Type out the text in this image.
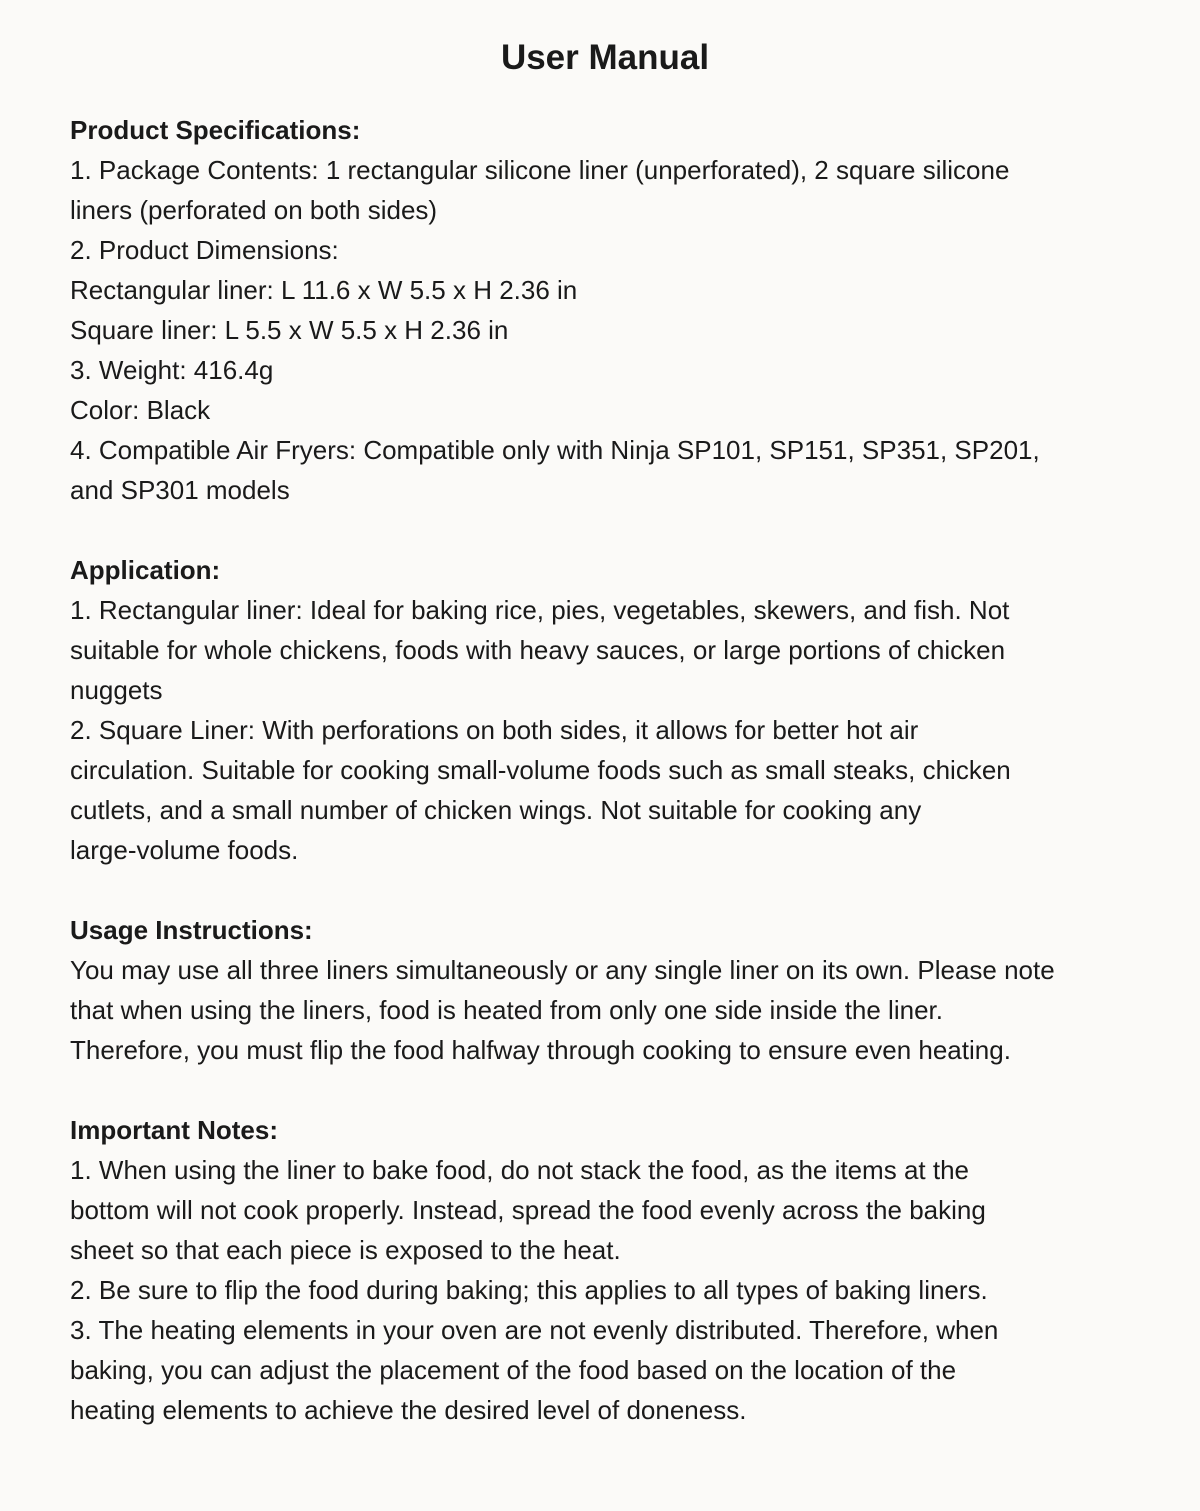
User Manual

Product Specifications:

1. Package Contents: 1 rectangular silicone liner (unperforated), 2 square silicone

liners (perforated on both sides)

2. Product Dimensions:

Rectangular liner: L 11.6 x W 5.5 x H 2.36 in

Square liner: L 5.5 x W 5.5 x H 2.36 in

3. Weight: 416.4g

Color: Black

4. Compatible Air Fryers: Compatible only with Ninja SP101, SP151, SP351, SP201,

and SP301 models

Application:

1. Rectangular liner: Ideal for baking rice, pies, vegetables, skewers, and fish. Not

suitable for whole chickens, foods with heavy sauces, or large portions of chicken

nuggets

2. Square Liner: With perforations on both sides, it allows for better hot air

circulation. Suitable for cooking small-volume foods such as small steaks, chicken

cutlets, and a small number of chicken wings. Not suitable for cooking any

large-volume foods.

Usage Instructions:

You may use all three liners simultaneously or any single liner on its own. Please note

that when using the liners, food is heated from only one side inside the liner.

Therefore, you must flip the food halfway through cooking to ensure even heating.

Important Notes:

1. When using the liner to bake food, do not stack the food, as the items at the

bottom will not cook properly. Instead, spread the food evenly across the baking

sheet so that each piece is exposed to the heat.

2. Be sure to flip the food during baking; this applies to all types of baking liners.

3. The heating elements in your oven are not evenly distributed. Therefore, when

baking, you can adjust the placement of the food based on the location of the

heating elements to achieve the desired level of doneness.
